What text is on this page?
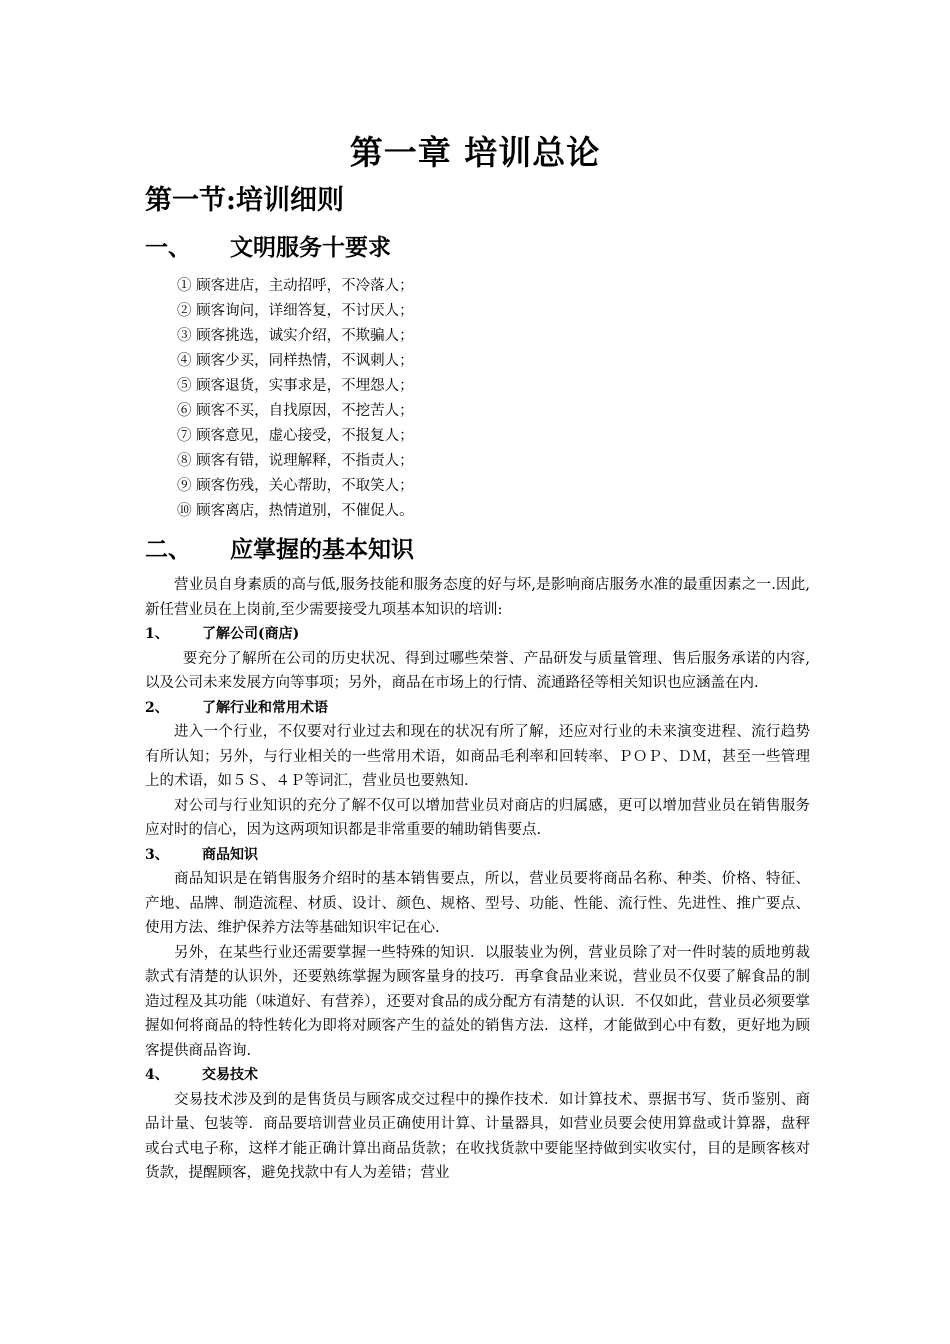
第一章 培训总论
第一节:培训细则
一、 文明服务十要求
① 顾客进店，主动招呼，不冷落人；
② 顾客询问，详细答复，不讨厌人；
③ 顾客挑选，诚实介绍，不欺骗人；
④ 顾客少买，同样热情，不讽刺人；
⑤ 顾客退货，实事求是，不埋怨人；
⑥ 顾客不买，自找原因，不挖苦人；
⑦ 顾客意见，虚心接受，不报复人；
⑧ 顾客有错，说理解释，不指责人；
⑨ 顾客伤残，关心帮助，不取笑人；
⑩ 顾客离店，热情道别，不催促人。
二、 应掌握的基本知识

营业员自身素质的高与低,服务技能和服务态度的好与坏,是影响商店服务水准的最重因素之一.因此,新任营业员在上岗前,至少需要接受九项基本知识的培训:

1、 了解公司(商店)

要充分了解所在公司的历史状况、得到过哪些荣誉、产品研发与质量管理、售后服务承诺的内容,以及公司未来发展方向等事项；另外，商品在市场上的行情、流通路径等相关知识也应涵盖在内.

2、 了解行业和常用术语

进入一个行业，不仅要对行业过去和现在的状况有所了解，还应对行业的未来演变进程、流行趋势有所认知；另外，与行业相关的一些常用术语，如商品毛利率和回转率、ＰＯＰ、ＤＭ，甚至一些管理上的术语，如５Ｓ、４Ｐ等词汇，营业员也要熟知.

对公司与行业知识的充分了解不仅可以增加营业员对商店的归属感，更可以增加营业员在销售服务应对时的信心，因为这两项知识都是非常重要的辅助销售要点.

3、 商品知识

商品知识是在销售服务介绍时的基本销售要点，所以，营业员要将商品名称、种类、价格、特征、产地、品牌、制造流程、材质、设计、颜色、规格、型号、功能、性能、流行性、先进性、推广要点、使用方法、维护保养方法等基础知识牢记在心.

另外，在某些行业还需要掌握一些特殊的知识．以服装业为例，营业员除了对一件时装的质地剪裁款式有清楚的认识外，还要熟练掌握为顾客量身的技巧．再拿食品业来说，营业员不仅要了解食品的制造过程及其功能（味道好、有营养），还要对食品的成分配方有清楚的认识．不仅如此，营业员必须要掌握如何将商品的特性转化为即将对顾客产生的益处的销售方法．这样，才能做到心中有数，更好地为顾客提供商品咨询.

4、 交易技术

交易技术涉及到的是售货员与顾客成交过程中的操作技术．如计算技术、票据书写、货币鉴别、商品计量、包装等．商品要培训营业员正确使用计算、计量器具，如营业员要会使用算盘或计算器，盘秤或台式电子称，这样才能正确计算出商品货款；在收找货款中要能坚持做到实收实付，目的是顾客核对货款，提醒顾客，避免找款中有人为差错；营业
